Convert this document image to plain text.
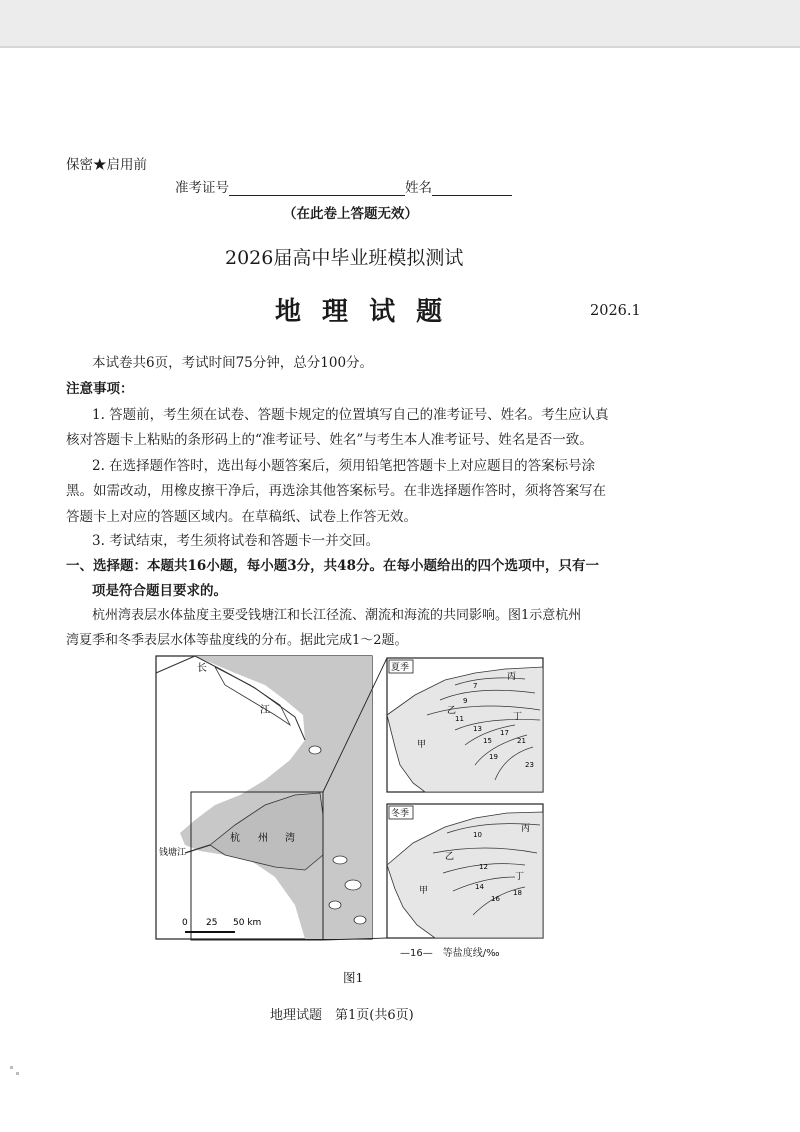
保密★启用前
准考证号	姓名
（在此卷上答题无效）
2026届高中毕业班模拟测试
地 理 试 题	2026.1
本试卷共6页，考试时间75分钟，总分100分。
注意事项：
1. 答题前，考生须在试卷、答题卡规定的位置填写自己的准考证号、姓名。考生应认真
核对答题卡上粘贴的条形码上的“准考证号、姓名”与考生本人准考证号、姓名是否一致。
2. 在选择题作答时，选出每小题答案后，须用铅笔把答题卡上对应题目的答案标号涂
黑。如需改动，用橡皮擦干净后，再选涂其他答案标号。在非选择题作答时，须将答案写在
答题卡上对应的答题区域内。在草稿纸、试卷上作答无效。
3. 考试结束，考生须将试卷和答题卡一并交回。
一、选择题：本题共16小题，每小题3分，共48分。在每小题给出的四个选项中，只有一
项是符合题目要求的。
杭州湾表层水体盐度主要受钱塘江和长江径流、潮流和海流的共同影响。图1示意杭州
湾夏季和冬季表层水体等盐度线的分布。据此完成1～2题。
长
江
钱塘江
杭 州 湾
0 25 50 km
夏季
甲
乙
丙
丁
7
9
11
13
15
17
19
21
23
冬季
甲
乙
丙
丁
10
12
14
16
18
—16—　等盐度线/‰
图1
地理试题　第1页(共6页)
